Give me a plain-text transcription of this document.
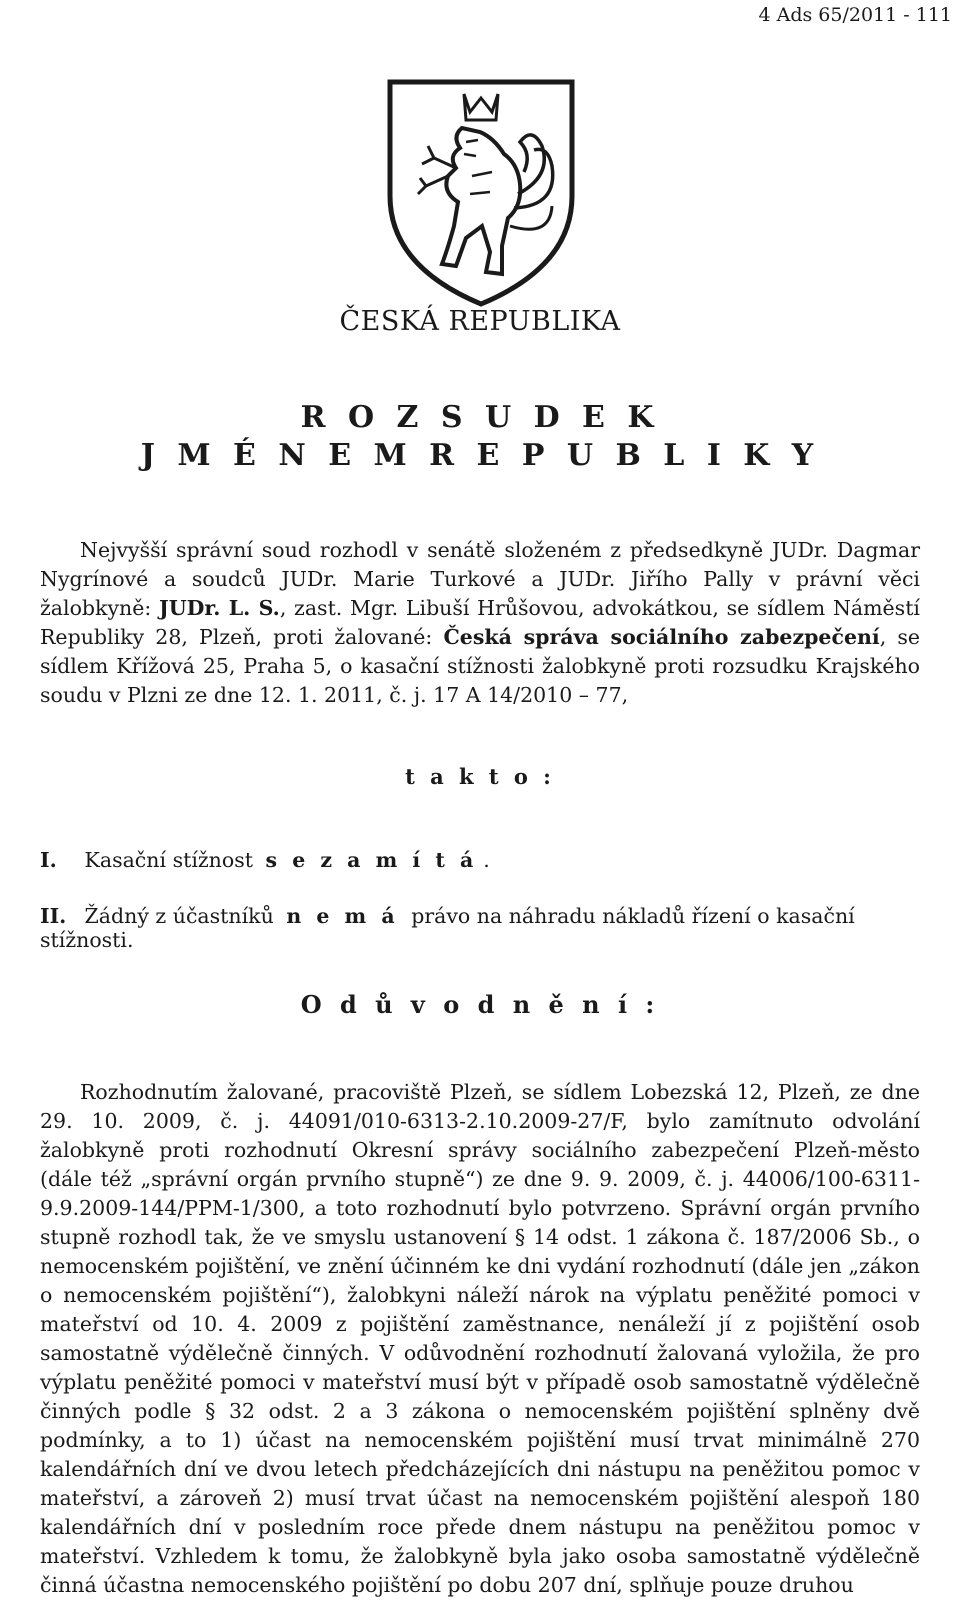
4 Ads 65/2011 - 111
ČESKÁ REPUBLIKA
R O Z S U D E K
J M É N E M R E P U B L I K Y

Nejvyšší správní soud rozhodl v senátě složeném z předsedkyně JUDr. Dagmar Nygrínové a soudců JUDr. Marie Turkové a JUDr. Jiřího Pally v právní věci žalobkyně: JUDr. L. S., zast. Mgr. Libuší Hrůšovou, advokátkou, se sídlem Náměstí Republiky 28, Plzeň, proti žalované: Česká správa sociálního zabezpečení, se sídlem Křížová 25, Praha 5, o kasační stížnosti žalobkyně proti rozsudku Krajského soudu v Plzni ze dne 12. 1. 2011, č. j. 17 A 14/2010 – 77,

t a k t o :
I. Kasační stížnost s e z a m í t á .
II. Žádný z účastníků n e m á právo na náhradu nákladů řízení o kasační stížnosti.
O d ů v o d n ě n í :

Rozhodnutím žalované, pracoviště Plzeň, se sídlem Lobezská 12, Plzeň, ze dne 29. 10. 2009, č. j. 44091/010-6313-2.10.2009-27/F, bylo zamítnuto odvolání žalobkyně proti rozhodnutí Okresní správy sociálního zabezpečení Plzeň-město (dále též „správní orgán prvního stupně“) ze dne 9. 9. 2009, č. j. 44006/100-6311-9.9.2009-144/PPM-1/300, a toto rozhodnutí bylo potvrzeno. Správní orgán prvního stupně rozhodl tak, že ve smyslu ustanovení § 14 odst. 1 zákona č. 187/2006 Sb., o nemocenském pojištění, ve znění účinném ke dni vydání rozhodnutí (dále jen „zákon o nemocenském pojištění“), žalobkyni náleží nárok na výplatu peněžité pomoci v mateřství od 10. 4. 2009 z pojištění zaměstnance, nenáleží jí z pojištění osob samostatně výdělečně činných. V odůvodnění rozhodnutí žalovaná vyložila, že pro výplatu peněžité pomoci v mateřství musí být v případě osob samostatně výdělečně činných podle § 32 odst. 2 a 3 zákona o nemocenském pojištění splněny dvě podmínky, a to 1) účast na nemocenském pojištění musí trvat minimálně 270 kalendářních dní ve dvou letech předcházejících dni nástupu na peněžitou pomoc v mateřství, a zároveň 2) musí trvat účast na nemocenském pojištění alespoň 180 kalendářních dní v posledním roce přede dnem nástupu na peněžitou pomoc v mateřství. Vzhledem k tomu, že žalobkyně byla jako osoba samostatně výdělečně činná účastna nemocenského pojištění po dobu 207 dní, splňuje pouze druhou
